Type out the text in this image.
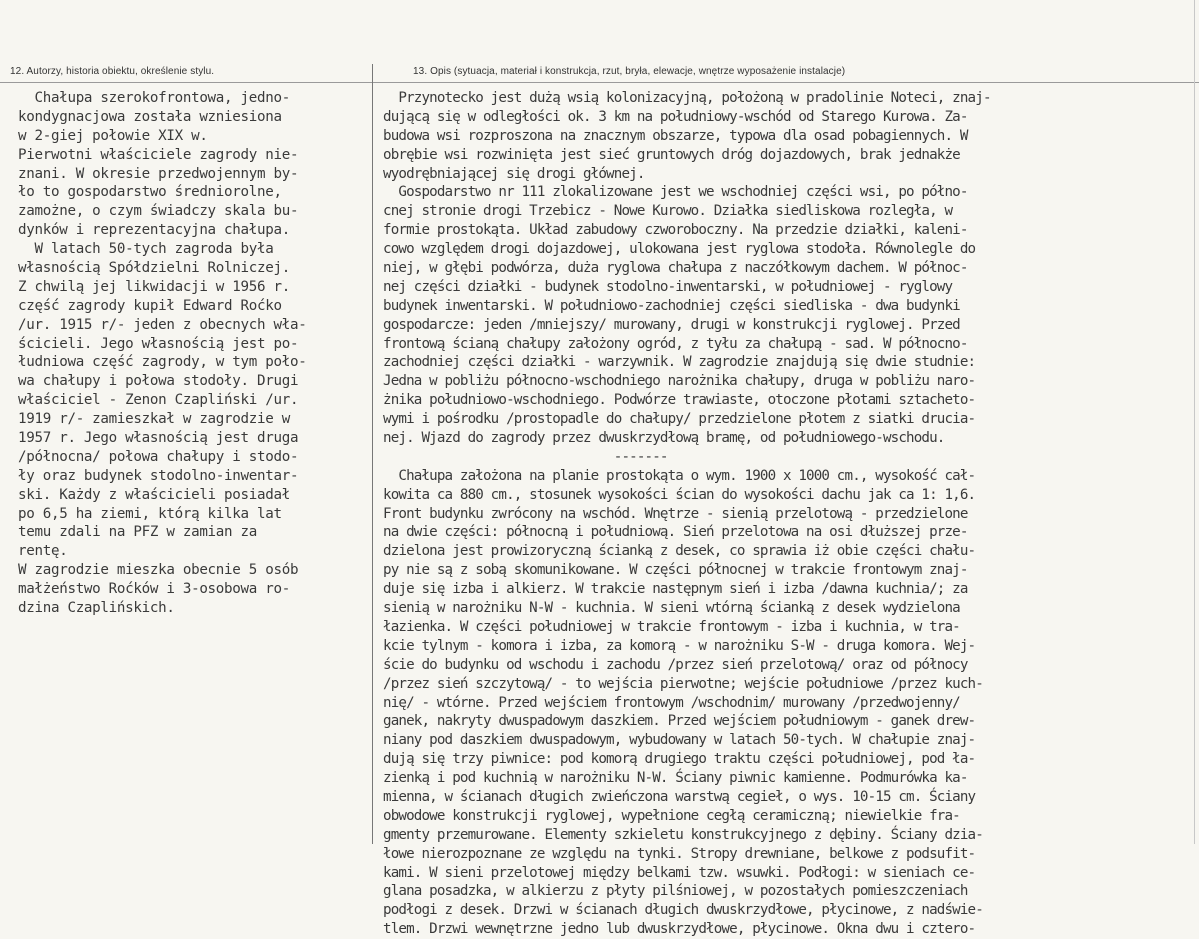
12. Autorzy, historia obiektu, określenie stylu.	13. Opis (sytuacja, materiał i konstrukcja, rzut, bryła, elewacje, wnętrze wyposażenie instalacje)
Chałupa szerokofrontowa, jedno-
kondygnacjowa została wzniesiona
w 2-giej połowie XIX w.
Pierwotni właściciele zagrody nie-
znani. W okresie przedwojennym by-
ło to gospodarstwo średniorolne,
zamożne, o czym świadczy skala bu-
dynków i reprezentacyjna chałupa.
W latach 50-tych zagroda była
własnością Spółdzielni Rolniczej.
Z chwilą jej likwidacji w 1956 r.
część zagrody kupił Edward Roćko
/ur. 1915 r/- jeden z obecnych wła-
ścicieli. Jego własnością jest po-
łudniowa część zagrody, w tym poło-
wa chałupy i połowa stodoły. Drugi
właściciel - Zenon Czapliński /ur.
1919 r/- zamieszkał w zagrodzie w
1957 r. Jego własnością jest druga
/północna/ połowa chałupy i stodo-
ły oraz budynek stodolno-inwentar-
ski. Każdy z właścicieli posiadał
po 6,5 ha ziemi, którą kilka lat
temu zdali na PFZ w zamian za
rentę.
W zagrodzie mieszka obecnie 5 osób
małżeństwo Roćków i 3-osobowa ro-
dzina Czaplińskich.
Przynotecko jest dużą wsią kolonizacyjną, położoną w pradolinie Noteci, znaj-
dującą się w odległości ok. 3 km na południowy-wschód od Starego Kurowa. Za-
budowa wsi rozproszona na znacznym obszarze, typowa dla osad pobagiennych. W
obrębie wsi rozwinięta jest sieć gruntowych dróg dojazdowych, brak jednakże
wyodrębniającej się drogi głównej.
Gospodarstwo nr 111 zlokalizowane jest we wschodniej części wsi, po półno-
cnej stronie drogi Trzebicz - Nowe Kurowo. Działka siedliskowa rozległa, w
formie prostokąta. Układ zabudowy czworoboczny. Na przedzie działki, kaleni-
cowo względem drogi dojazdowej, ulokowana jest ryglowa stodoła. Równolegle do
niej, w głębi podwórza, duża ryglowa chałupa z naczółkowym dachem. W północ-
nej części działki - budynek stodolno-inwentarski, w południowej - ryglowy
budynek inwentarski. W południowo-zachodniej części siedliska - dwa budynki
gospodarcze: jeden /mniejszy/ murowany, drugi w konstrukcji ryglowej. Przed
frontową ścianą chałupy założony ogród, z tyłu za chałupą - sad. W północno-
zachodniej części działki - warzywnik. W zagrodzie znajdują się dwie studnie:
Jedna w pobliżu północno-wschodniego narożnika chałupy, druga w pobliżu naro-
żnika południowo-wschodniego. Podwórze trawiaste, otoczone płotami sztacheto-
wymi i pośrodku /prostopadle do chałupy/ przedzielone płotem z siatki druciа-
nej. Wjazd do zagrody przez dwuskrzydłową bramę, od południowego-wschodu.
-------
Chałupa założona na planie prostokąta o wym. 1900 x 1000 cm., wysokość cał-
kowita ca 880 cm., stosunek wysokości ścian do wysokości dachu jak ca 1: 1,6.
Front budynku zwrócony na wschód. Wnętrze - sienią przelotową - przedzielone
na dwie części: północną i południową. Sień przelotowa na osi dłuższej prze-
dzielona jest prowizoryczną ścianką z desek, co sprawia iż obie części chału-
py nie są z sobą skomunikowane. W części północnej w trakcie frontowym znaj-
duje się izba i alkierz. W trakcie następnym sień i izba /dawna kuchnia/; za
sienią w narożniku N-W - kuchnia. W sieni wtórną ścianką z desek wydzielona
łazienka. W części południowej w trakcie frontowym - izba i kuchnia, w tra-
kcie tylnym - komora i izba, za komorą - w narożniku S-W - druga komora. Wej-
ście do budynku od wschodu i zachodu /przez sień przelotową/ oraz od północy
/przez sień szczytową/ - to wejścia pierwotne; wejście południowe /przez kuch-
nię/ - wtórne. Przed wejściem frontowym /wschodnim/ murowany /przedwojenny/
ganek, nakryty dwuspadowym daszkiem. Przed wejściem południowym - ganek drew-
niany pod daszkiem dwuspadowym, wybudowany w latach 50-tych. W chałupie znaj-
dują się trzy piwnice: pod komorą drugiego traktu części południowej, pod ła-
zienką i pod kuchnią w narożniku N-W. Ściany piwnic kamienne. Podmurówka ka-
mienna, w ścianach długich zwieńczona warstwą cegieł, o wys. 10-15 cm. Ściany
obwodowe konstrukcji ryglowej, wypełnione cegłą ceramiczną; niewielkie fra-
gmenty przemurowane. Elementy szkieletu konstrukcyjnego z dębiny. Ściany dzia-
łowe nierozpoznane ze względu na tynki. Stropy drewniane, belkowe z podsufit-
kami. W sieni przelotowej między belkami tzw. wsuwki. Podłogi: w sieniach ce-
glana posadzka, w alkierzu z płyty pilśniowej, w pozostałych pomieszczeniach
podłogi z desek. Drzwi w ścianach długich dwuskrzydłowe, płycinowe, z nadświe-
tlem. Drzwi wewnętrzne jedno lub dwuskrzydłowe, płycinowe. Okna dwu i cztero-
